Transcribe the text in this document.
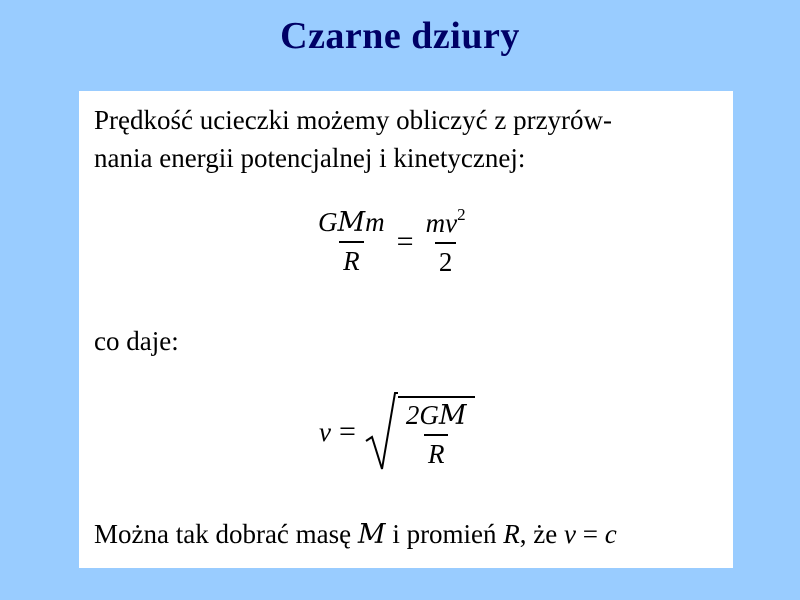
Czarne dziury
Prędkość ucieczki możemy obliczyć z przyrów-
nania energii potencjalnej i kinetycznej:
$\frac{\text{GMm}}{R} = \frac{mv^2}{2}$
co daje:
$v = \frac{2GM}{R}$
Można tak dobrać masę M i promień R, że v = c
